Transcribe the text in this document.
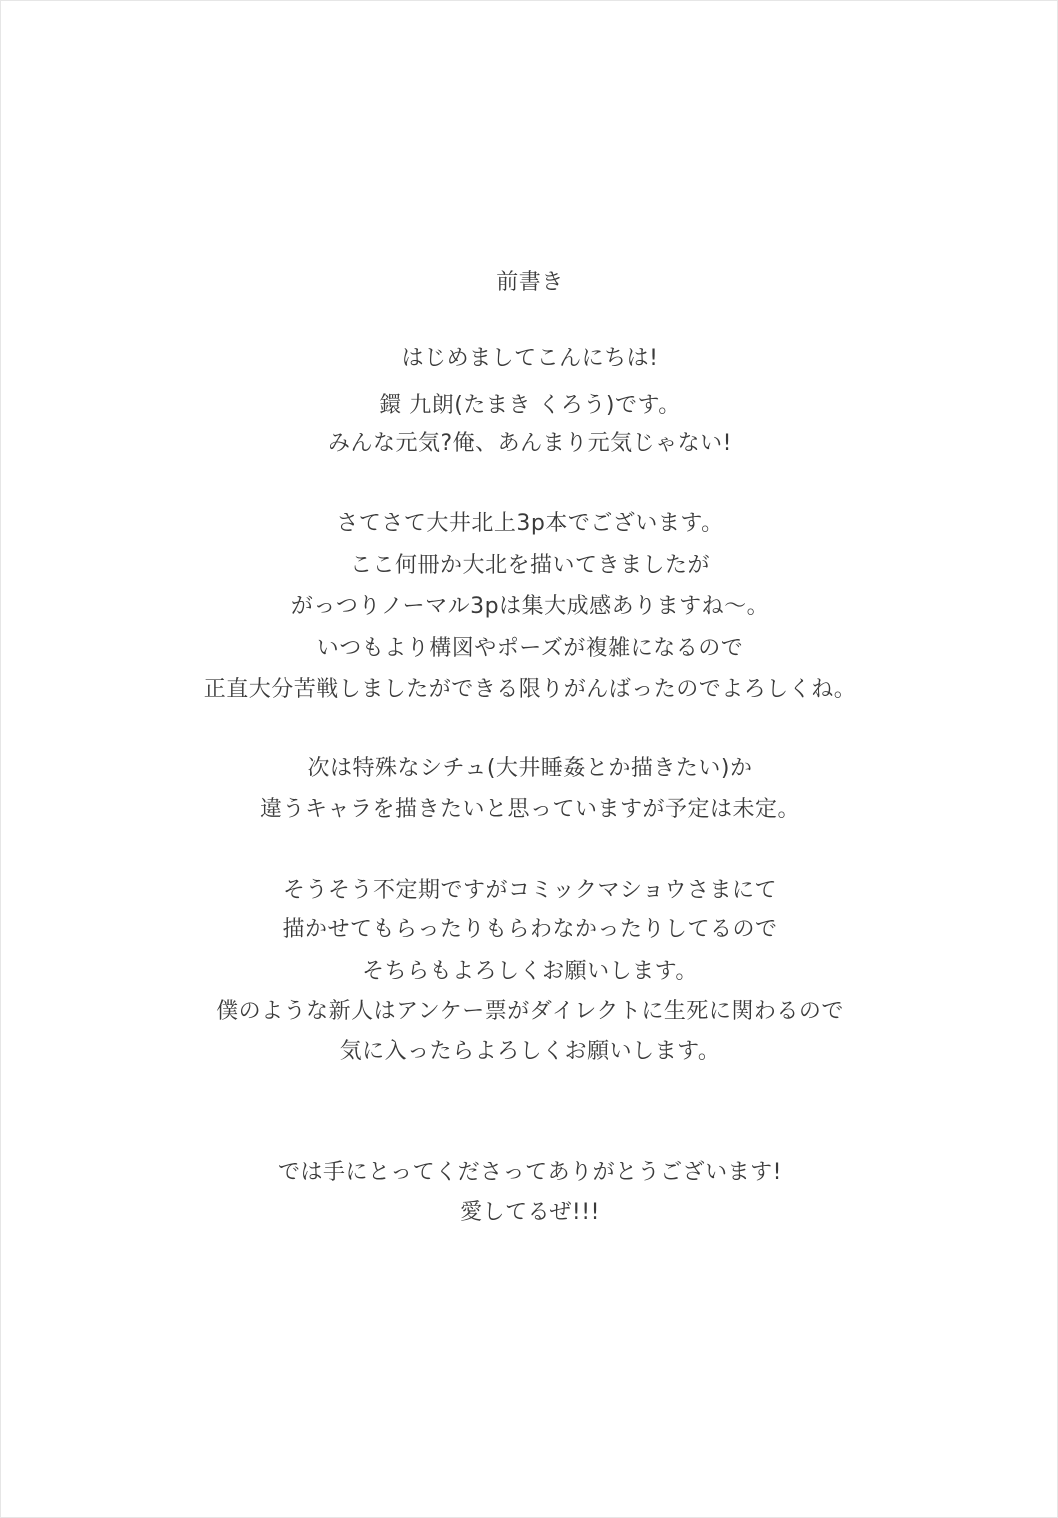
前書き
はじめましてこんにちは!
鐶 九朗(たまき くろう)です。
みんな元気?俺、あんまり元気じゃない!
さてさて大井北上3p本でございます。
ここ何冊か大北を描いてきましたが
がっつりノーマル3pは集大成感ありますね〜。
いつもより構図やポーズが複雑になるので
正直大分苦戦しましたができる限りがんばったのでよろしくね。
次は特殊なシチュ(大井睡姦とか描きたい)か
違うキャラを描きたいと思っていますが予定は未定。
そうそう不定期ですがコミックマショウさまにて
描かせてもらったりもらわなかったりしてるので
そちらもよろしくお願いします。
僕のような新人はアンケー票がダイレクトに生死に関わるので
気に入ったらよろしくお願いします。
では手にとってくださってありがとうございます!
愛してるぜ!!!
